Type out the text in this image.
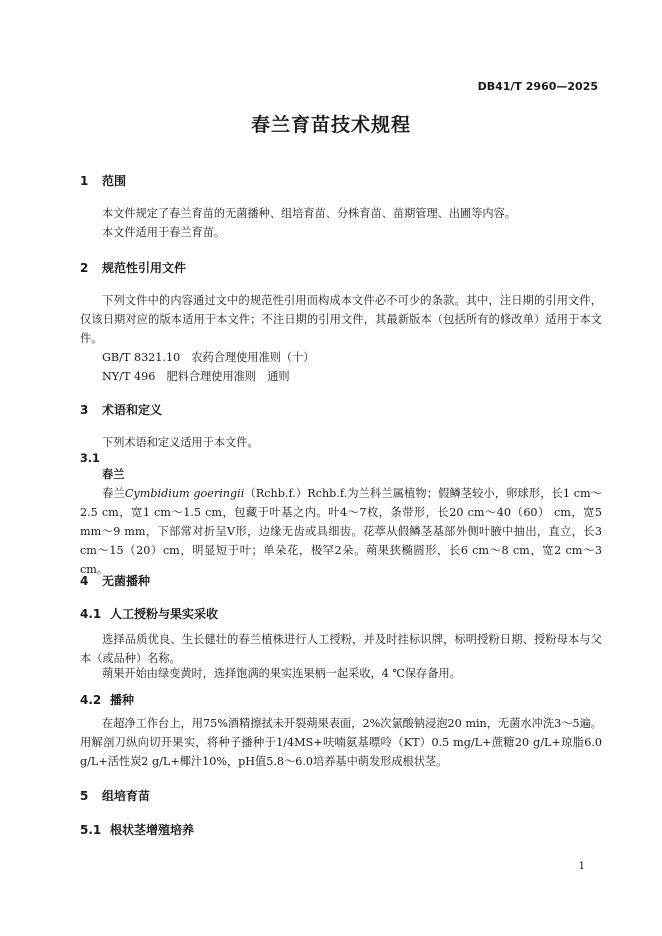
DB41/T 2960—2025
春兰育苗技术规程
1 范围
本文件规定了春兰育苗的无菌播种、组培育苗、分株育苗、苗期管理、出圃等内容。
本文件适用于春兰育苗。
2 规范性引用文件
下列文件中的内容通过文中的规范性引用而构成本文件必不可少的条款。其中，注日期的引用文件，仅该日期对应的版本适用于本文件；不注日期的引用文件，其最新版本（包括所有的修改单）适用于本文件。
GB/T 8321.10　农药合理使用准则（十）
NY/T 496　肥料合理使用准则　通则
3 术语和定义
下列术语和定义适用于本文件。
3.1
春兰
春兰Cymbidium goeringii（Rchb.f.）Rchb.f.为兰科兰属植物；假鳞茎较小，卵球形，长1 cm～2.5 cm，宽1 cm～1.5 cm，包藏于叶基之内。叶4～7枚，条带形，长20 cm～40（60） cm，宽5 mm～9 mm，下部常对折呈V形，边缘无齿或具细齿。花葶从假鳞茎基部外侧叶腋中抽出，直立，长3 cm～15（20）cm，明显短于叶；单朵花，极罕2朵。蒴果狭椭圆形，长6 cm～8 cm，宽2 cm～3 cm。
4 无菌播种
4.1 人工授粉与果实采收
选择品质优良、生长健壮的春兰植株进行人工授粉，并及时挂标识牌，标明授粉日期、授粉母本与父本（或品种）名称。
蒴果开始由绿变黄时，选择饱满的果实连果柄一起采收，4 ℃保存备用。
4.2 播种
在超净工作台上，用75%酒精擦拭未开裂蒴果表面，2%次氯酸钠浸泡20 min，无菌水冲洗3～5遍。用解剖刀纵向切开果实，将种子播种于1/4MS+呋喃氨基嘌呤（KT）0.5 mg/L+蔗糖20 g/L+琼脂6.0 g/L+活性炭2 g/L+椰汁10%，pH值5.8～6.0培养基中萌发形成根状茎。
5 组培育苗
5.1 根状茎增殖培养
1
